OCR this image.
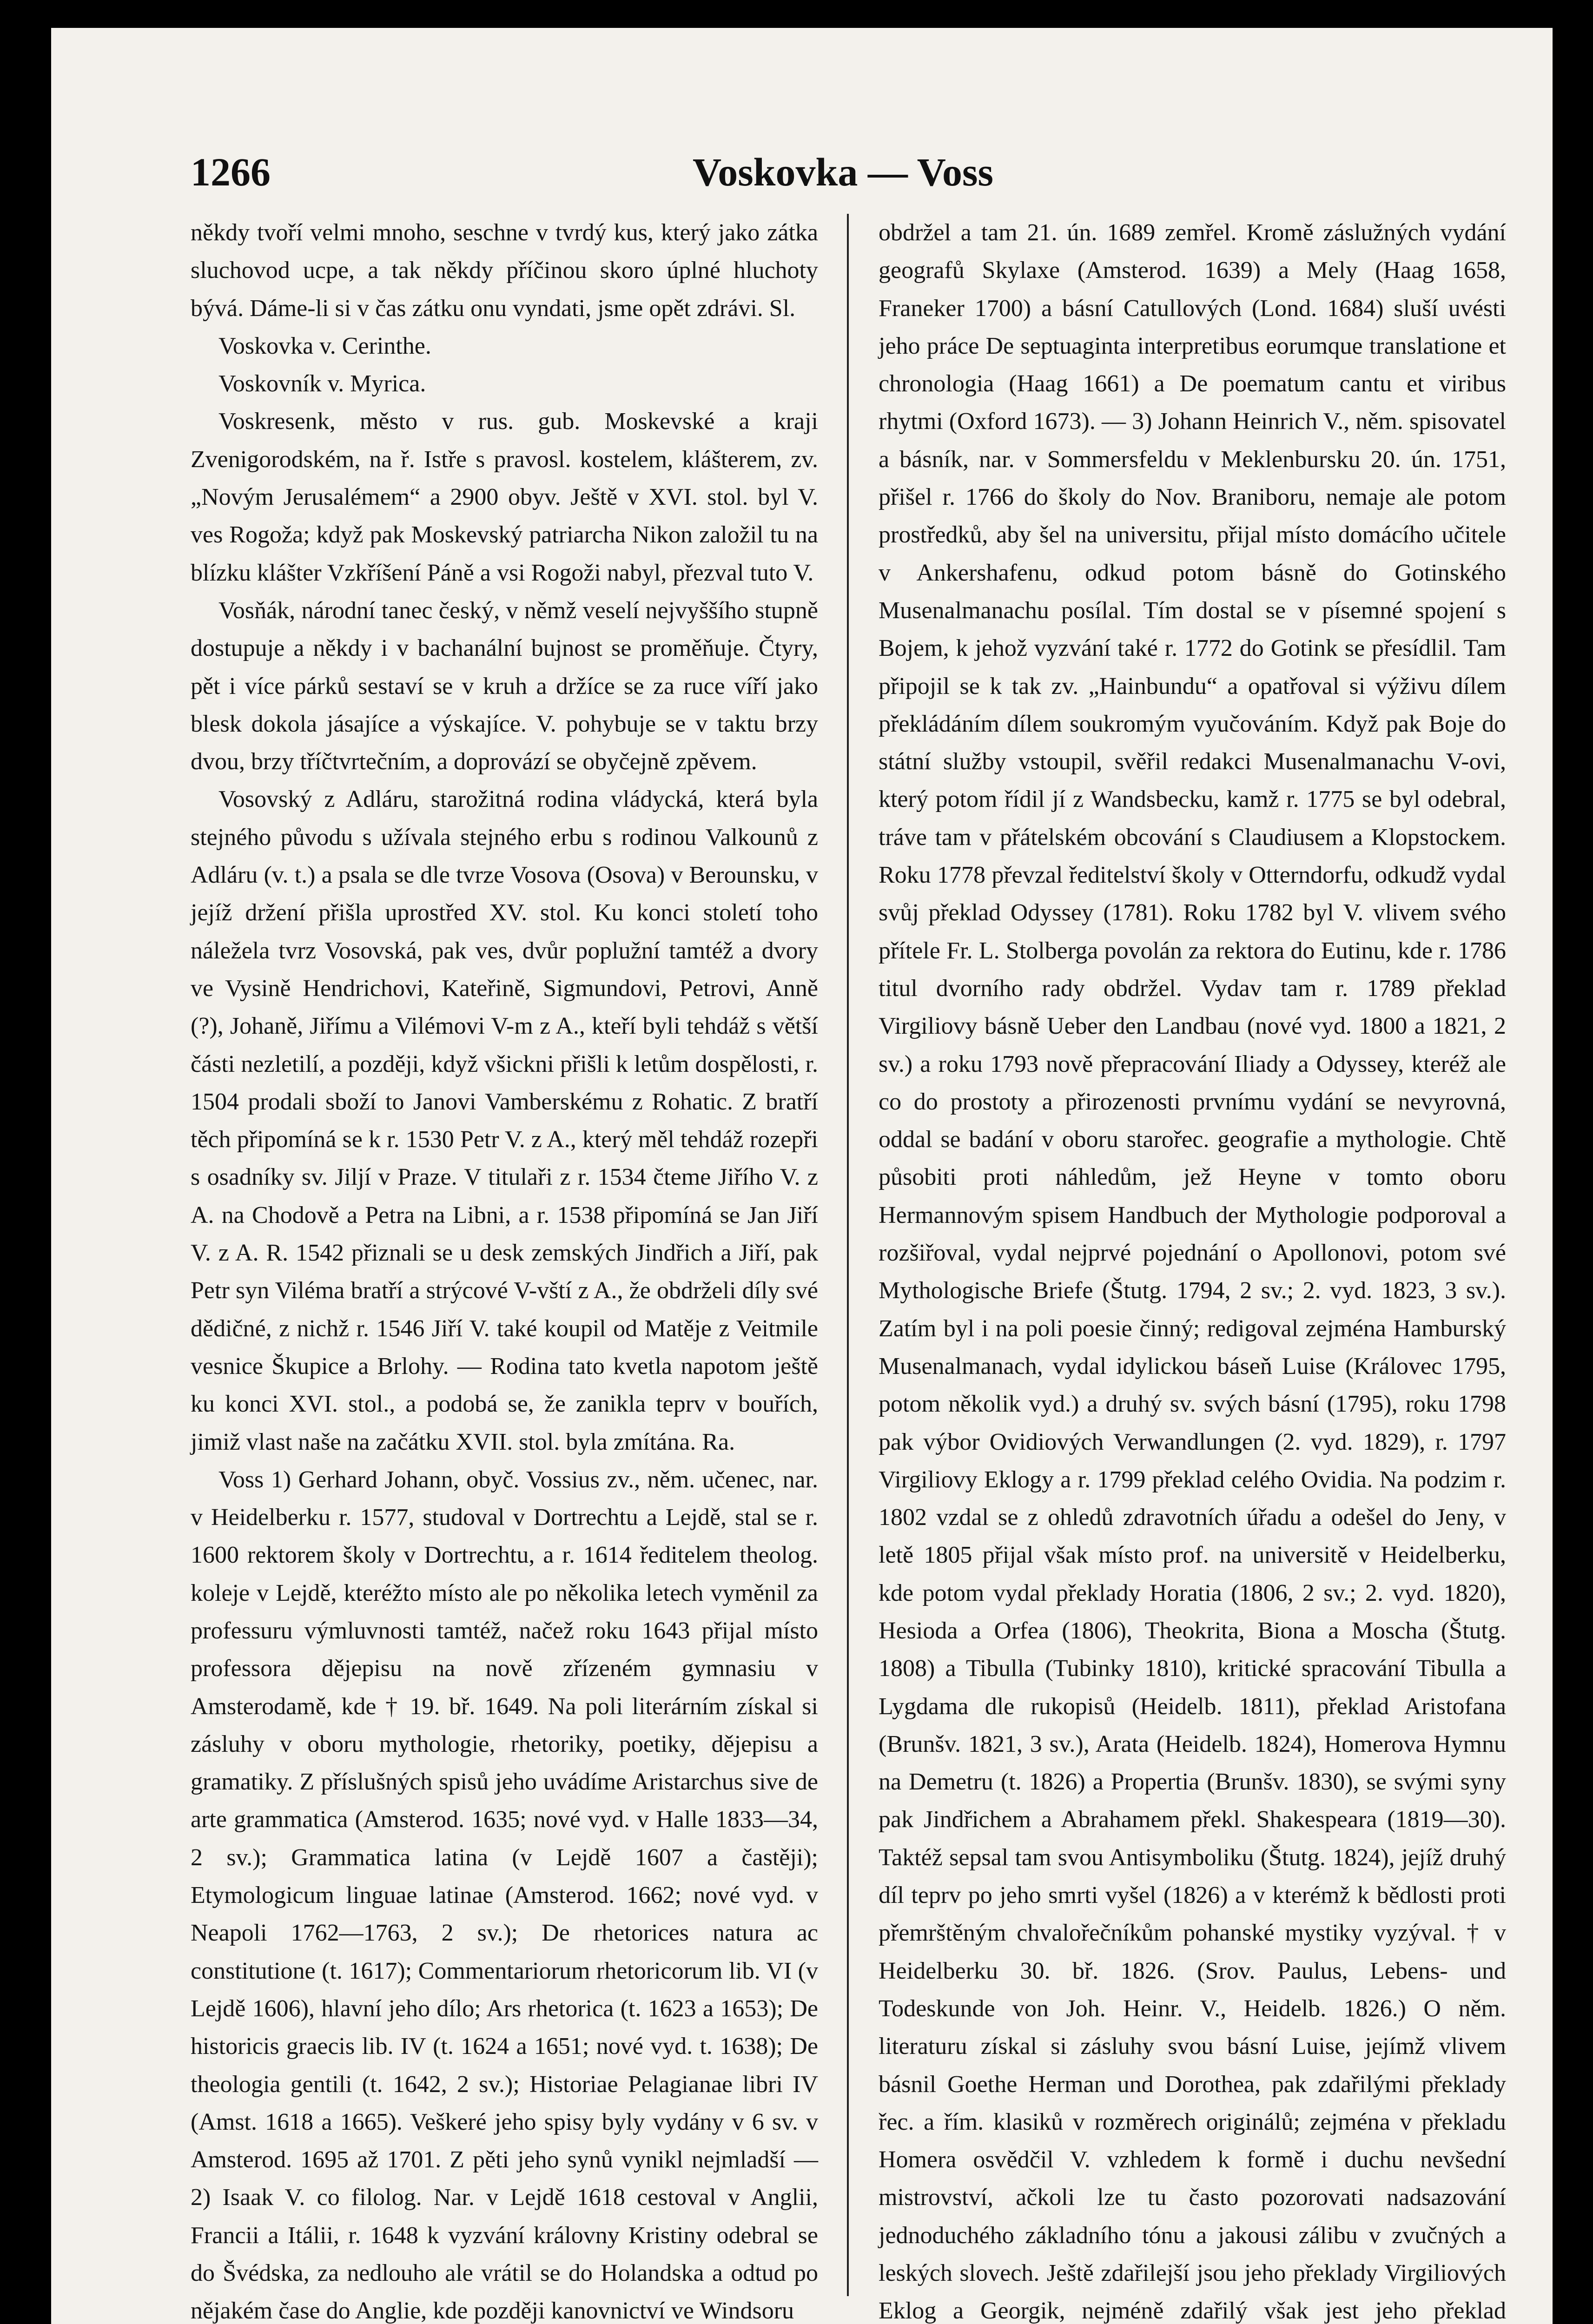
1266	Voskovka — Voss

někdy tvoří velmi mnoho, seschne v tvrdý kus, který jako zátka sluchovod ucpe, a tak někdy příčinou skoro úplné hluchoty bývá. Dáme-li si v čas zátku onu vyndati, jsme opět zdrávi. Sl.

Voskovka v. Cerinthe.

Voskovník v. Myrica.

Voskresenk, město v rus. gub. Moskevské a kraji Zvenigorodském, na ř. Istře s pravosl. kostelem, klášterem, zv. „Novým Jerusalémem“ a 2900 obyv. Ještě v XVI. stol. byl V. ves Rogoža; když pak Moskevský patriarcha Nikon založil tu na blízku klášter Vzkříšení Páně a vsi Rogoži nabyl, přezval tuto V.

Vosňák, národní tanec český, v němž veselí nejvyššího stupně dostupuje a někdy i v bachanální bujnost se proměňuje. Čtyry, pět i více párků sestaví se v kruh a držíce se za ruce víří jako blesk dokola jásajíce a výskajíce. V. pohybuje se v taktu brzy dvou, brzy tříčtvrtečním, a doprovází se obyčejně zpěvem.

Vosovský z Adláru, starožitná rodina vládycká, která byla stejného původu s užívala stejného erbu s rodinou Valkounů z Adláru (v. t.) a psala se dle tvrze Vosova (Osova) v Berounsku, v jejíž držení přišla uprostřed XV. stol. Ku konci století toho náležela tvrz Vosovská, pak ves, dvůr poplužní tamtéž a dvory ve Vysině Hendrichovi, Kateřině, Sigmundovi, Petrovi, Anně (?), Johaně, Jiřímu a Vilémovi V-m z A., kteří byli tehdáž s větší části nezletilí, a později, když všickni přišli k letům dospělosti, r. 1504 prodali sboží to Janovi Vamberskému z Rohatic. Z bratří těch připomíná se k r. 1530 Petr V. z A., který měl tehdáž rozepři s osadníky sv. Jiljí v Praze. V titulaři z r. 1534 čteme Jiřího V. z A. na Chodově a Petra na Libni, a r. 1538 připomíná se Jan Jiří V. z A. R. 1542 přiznali se u desk zemských Jindřich a Jiří, pak Petr syn Viléma bratří a strýcové V-vští z A., že obdrželi díly své dědičné, z nichž r. 1546 Jiří V. také koupil od Matěje z Veitmile vesnice Škupice a Brlohy. — Rodina tato kvetla napotom ještě ku konci XVI. stol., a podobá se, že zanikla teprv v bouřích, jimiž vlast naše na začátku XVII. stol. byla zmítána. Ra.

Voss 1) Gerhard Johann, obyč. Vossius zv., něm. učenec, nar. v Heidelberku r. 1577, studoval v Dortrechtu a Lejdě, stal se r. 1600 rektorem školy v Dortrechtu, a r. 1614 ředitelem theolog. koleje v Lejdě, kteréžto místo ale po několika letech vyměnil za professuru výmluvnosti tamtéž, načež roku 1643 přijal místo professora dějepisu na nově zřízeném gymnasiu v Amsterodamě, kde † 19. bř. 1649. Na poli literárním získal si zásluhy v oboru mythologie, rhetoriky, poetiky, dějepisu a gramatiky. Z příslušných spisů jeho uvádíme Aristarchus sive de arte grammatica (Amsterod. 1635; nové vyd. v Halle 1833—34, 2 sv.); Grammatica latina (v Lejdě 1607 a častěji); Etymologicum linguae latinae (Amsterod. 1662; nové vyd. v Neapoli 1762—1763, 2 sv.); De rhetorices natura ac constitutione (t. 1617); Commentariorum rhetoricorum lib. VI (v Lejdě 1606), hlavní jeho dílo; Ars rhetorica (t. 1623 a 1653); De historicis graecis lib. IV (t. 1624 a 1651; nové vyd. t. 1638); De theologia gentili (t. 1642, 2 sv.); Historiae Pelagianae libri IV (Amst. 1618 a 1665). Veškeré jeho spisy byly vydány v 6 sv. v Amsterod. 1695 až 1701. Z pěti jeho synů vynikl nejmladší — 2) Isaak V. co filolog. Nar. v Lejdě 1618 cestoval v Anglii, Francii a Itálii, r. 1648 k vyzvání královny Kristiny odebral se do Švédska, za nedlouho ale vrátil se do Holandska a odtud po nějakém čase do Anglie, kde později kanovnictví ve Windsoru

obdržel a tam 21. ún. 1689 zemřel. Kromě záslužných vydání geografů Skylaxe (Amsterod. 1639) a Mely (Haag 1658, Franeker 1700) a básní Catullových (Lond. 1684) sluší uvésti jeho práce De septuaginta interpretibus eorumque translatione et chronologia (Haag 1661) a De poematum cantu et viribus rhytmi (Oxford 1673). — 3) Johann Heinrich V., něm. spisovatel a básník, nar. v Sommersfeldu v Meklenbursku 20. ún. 1751, přišel r. 1766 do školy do Nov. Braniboru, nemaje ale potom prostředků, aby šel na universitu, přijal místo domácího učitele v Ankershafenu, odkud potom básně do Gotinského Musenalmanachu posílal. Tím dostal se v písemné spojení s Bojem, k jehož vyzvání také r. 1772 do Gotink se přesídlil. Tam připojil se k tak zv. „Hainbundu“ a opatřoval si výživu dílem překládáním dílem soukromým vyučováním. Když pak Boje do státní služby vstoupil, svěřil redakci Musenalmanachu V-ovi, který potom řídil jí z Wandsbecku, kamž r. 1775 se byl odebral, tráve tam v přátelském obcování s Claudiusem a Klopstockem. Roku 1778 převzal ředitelství školy v Otterndorfu, odkudž vydal svůj překlad Odyssey (1781). Roku 1782 byl V. vlivem svého přítele Fr. L. Stolberga povolán za rektora do Eutinu, kde r. 1786 titul dvorního rady obdržel. Vydav tam r. 1789 překlad Virgiliovy básně Ueber den Landbau (nové vyd. 1800 a 1821, 2 sv.) a roku 1793 nově přepracování Iliady a Odyssey, kteréž ale co do prostoty a přirozenosti prvnímu vydání se nevyrovná, oddal se badání v oboru starořec. geografie a mythologie. Chtě působiti proti náhledům, jež Heyne v tomto oboru Hermannovým spisem Handbuch der Mythologie podporoval a rozšiřoval, vydal nejprvé pojednání o Apollonovi, potom své Mythologische Briefe (Štutg. 1794, 2 sv.; 2. vyd. 1823, 3 sv.). Zatím byl i na poli poesie činný; redigoval zejména Hamburský Musenalmanach, vydal idylickou báseň Luise (Královec 1795, potom několik vyd.) a druhý sv. svých básní (1795), roku 1798 pak výbor Ovidiových Verwandlungen (2. vyd. 1829), r. 1797 Virgiliovy Eklogy a r. 1799 překlad celého Ovidia. Na podzim r. 1802 vzdal se z ohledů zdravotních úřadu a odešel do Jeny, v letě 1805 přijal však místo prof. na universitě v Heidelberku, kde potom vydal překlady Horatia (1806, 2 sv.; 2. vyd. 1820), Hesioda a Orfea (1806), Theokrita, Biona a Moscha (Štutg. 1808) a Tibulla (Tubinky 1810), kritické spracování Tibulla a Lygdama dle rukopisů (Heidelb. 1811), překlad Aristofana (Brunšv. 1821, 3 sv.), Arata (Heidelb. 1824), Homerova Hymnu na Demetru (t. 1826) a Propertia (Brunšv. 1830), se svými syny pak Jindřichem a Abrahamem překl. Shakespeara (1819—30). Taktéž sepsal tam svou Antisymboliku (Štutg. 1824), jejíž druhý díl teprv po jeho smrti vyšel (1826) a v kterémž k bědlosti proti přemrštěným chvalořečníkům pohanské mystiky vyzýval. † v Heidelberku 30. bř. 1826. (Srov. Paulus, Lebens- und Todeskunde von Joh. Heinr. V., Heidelb. 1826.) O něm. literaturu získal si zásluhy svou básní Luise, jejímž vlivem básnil Goethe Herman und Dorothea, pak zdařilými překlady řec. a řím. klasiků v rozměrech originálů; zejména v překladu Homera osvědčil V. vzhledem k formě i duchu nevšední mistrovství, ačkoli lze tu často pozorovati nadsazování jednoduchého základního tónu a jakousi zálibu v zvučných a leských slovech. Ještě zdařilejší jsou jeho překlady Virgiliových Eklog a Georgik, nejméně zdařilý však jest jeho překlad
